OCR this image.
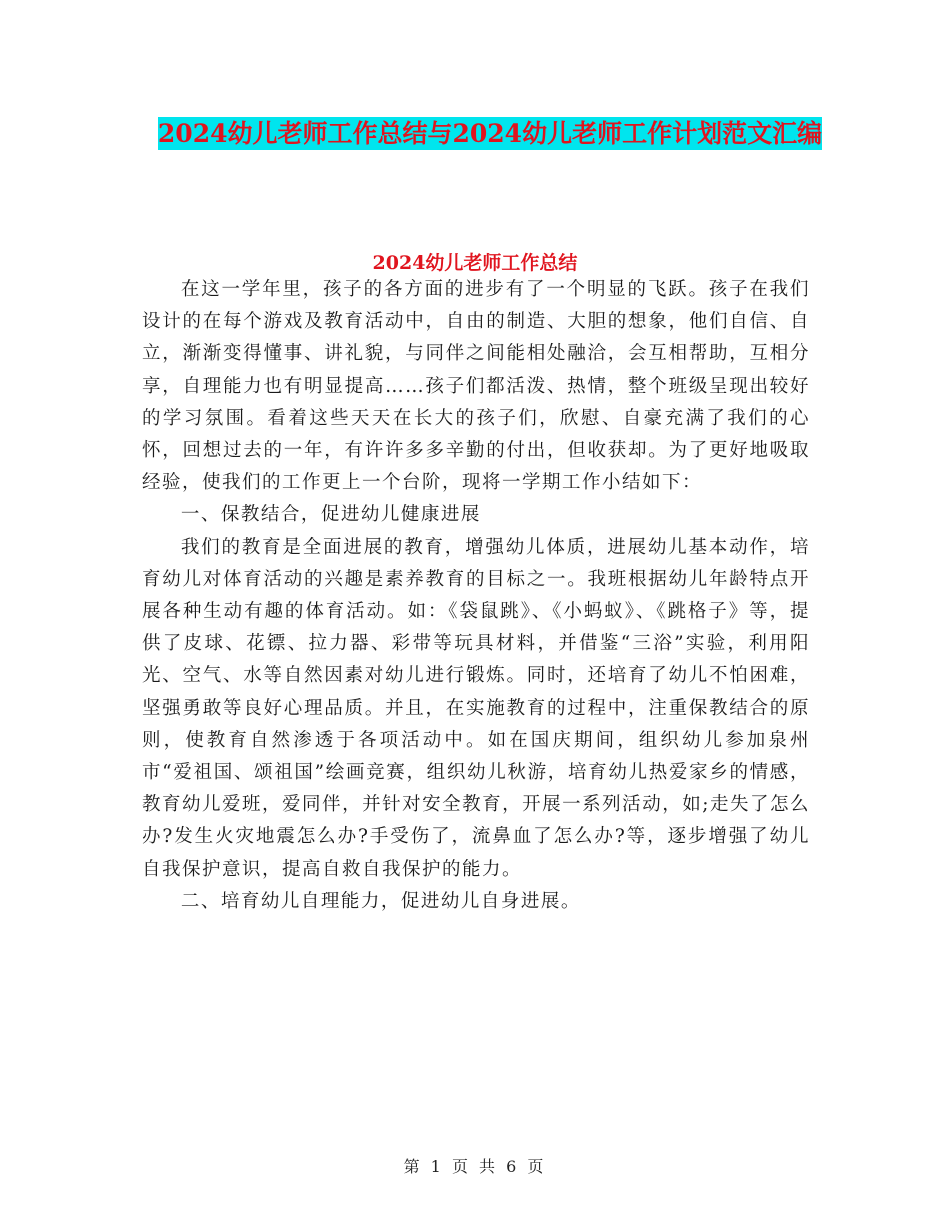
2024幼儿老师工作总结与2024幼儿老师工作计划范文汇编
2024幼儿老师工作总结

在这一学年里，孩子的各方面的进步有了一个明显的飞跃。孩子在我们设计的在每个游戏及教育活动中，自由的制造、大胆的想象，他们自信、自立，渐渐变得懂事、讲礼貌，与同伴之间能相处融洽，会互相帮助，互相分享，自理能力也有明显提高……孩子们都活泼、热情，整个班级呈现出较好的学习氛围。看着这些天天在长大的孩子们，欣慰、自豪充满了我们的心怀，回想过去的一年，有许许多多辛勤的付出，但收获却。为了更好地吸取经验，使我们的工作更上一个台阶，现将一学期工作小结如下：

一、保教结合，促进幼儿健康进展

我们的教育是全面进展的教育，增强幼儿体质，进展幼儿基本动作，培育幼儿对体育活动的兴趣是素养教育的目标之一。我班根据幼儿年龄特点开展各种生动有趣的体育活动。如：《袋鼠跳》、《小蚂蚁》、《跳格子》等，提供了皮球、花镖、拉力器、彩带等玩具材料，并借鉴“三浴”实验，利用阳光、空气、水等自然因素对幼儿进行锻炼。同时，还培育了幼儿不怕困难，坚强勇敢等良好心理品质。并且，在实施教育的过程中，注重保教结合的原则，使教育自然渗透于各项活动中。如在国庆期间，组织幼儿参加泉州市“爱祖国、颂祖国”绘画竞赛，组织幼儿秋游，培育幼儿热爱家乡的情感，教育幼儿爱班，爱同伴，并针对安全教育，开展一系列活动，如;走失了怎么办?发生火灾地震怎么办?手受伤了，流鼻血了怎么办?等，逐步增强了幼儿自我保护意识，提高自救自我保护的能力。

二、培育幼儿自理能力，促进幼儿自身进展。

第 1 页 共 6 页
